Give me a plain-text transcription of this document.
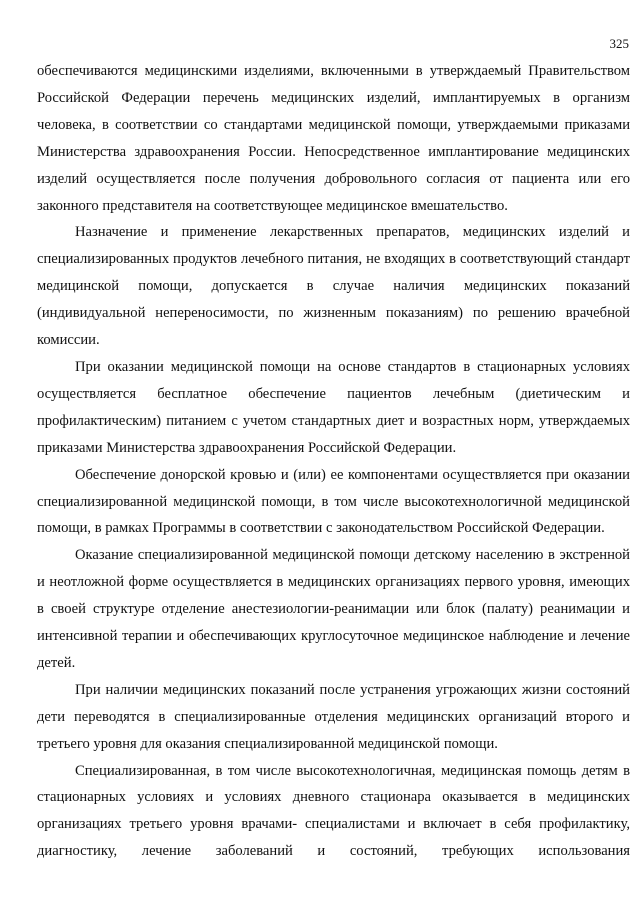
325

обеспечиваются медицинскими изделиями, включенными в утверждаемый Правительством Российской Федерации перечень медицинских изделий, имплантируемых в организм человека, в соответствии со стандартами медицинской помощи, утверждаемыми приказами Министерства здравоохранения России. Непосредственное имплантирование медицинских изделий осуществляется после получения добровольного согласия от пациента или его законного представителя на соответствующее медицинское вмешательство.

Назначение и применение лекарственных препаратов, медицинских изделий и специализированных продуктов лечебного питания, не входящих в соответствующий стандарт медицинской помощи, допускается в случае наличия медицинских показаний (индивидуальной непереносимости, по жизненным показаниям) по решению врачебной комиссии.

При оказании медицинской помощи на основе стандартов в стационарных условиях осуществляется бесплатное обеспечение пациентов лечебным (диетическим и профилактическим) питанием с учетом стандартных диет и возрастных норм, утверждаемых приказами Министерства здравоохранения Российской Федерации.

Обеспечение донорской кровью и (или) ее компонентами осуществляется при оказании специализированной медицинской помощи, в том числе высокотехнологичной медицинской помощи, в рамках Программы в соответствии с законодательством Российской Федерации.

Оказание специализированной медицинской помощи детскому населению в экстренной и неотложной форме осуществляется в медицинских организациях первого уровня, имеющих в своей структуре отделение анестезиологии-реанимации или блок (палату) реанимации и интенсивной терапии и обеспечивающих круглосуточное медицинское наблюдение и лечение детей.

При наличии медицинских показаний после устранения угрожающих жизни состояний дети переводятся в специализированные отделения медицинских организаций второго и третьего уровня для оказания специализированной медицинской помощи.

Специализированная, в том числе высокотехнологичная, медицинская помощь детям в стационарных условиях и условиях дневного стационара оказывается в медицинских организациях третьего уровня врачами- специалистами и включает в себя профилактику, диагностику, лечение заболеваний и состояний, требующих использования
